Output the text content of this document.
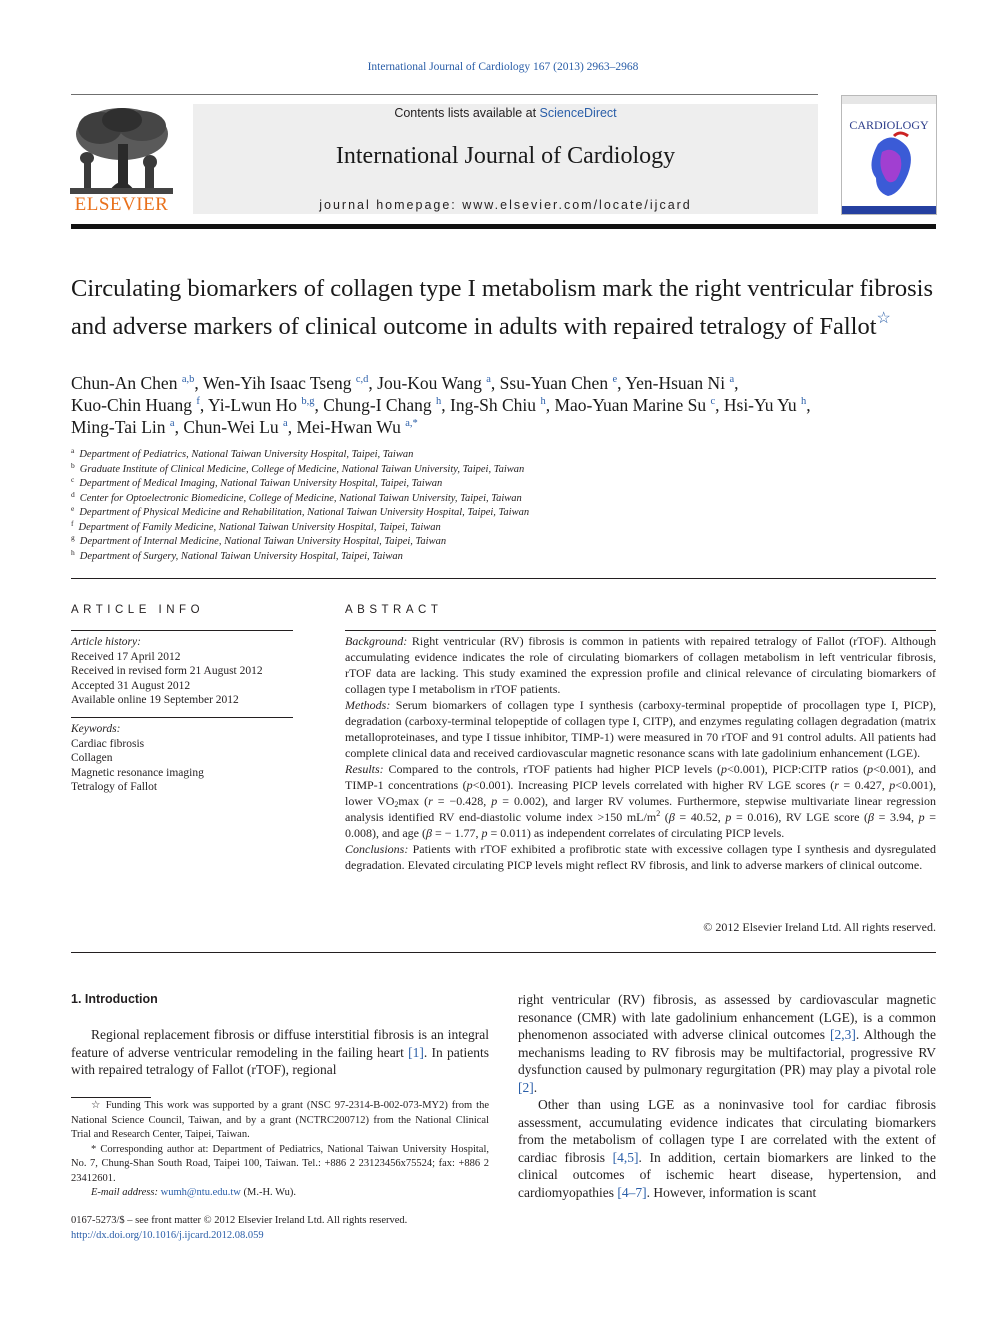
International Journal of Cardiology 167 (2013) 2963–2968
Contents lists available at ScienceDirect
International Journal of Cardiology
journal homepage: www.elsevier.com/locate/ijcard
ELSEVIER
CARDIOLOGY
Circulating biomarkers of collagen type I metabolism mark the right ventricular fibrosis and adverse markers of clinical outcome in adults with repaired tetralogy of Fallot☆
Chun-An Chen $^{a,b}$, Wen-Yih Isaac Tseng $^{c,d}$, Jou-Kou Wang $^a$, Ssu-Yuan Chen $^e$, Yen-Hsuan Ni $^a$,
Kuo-Chin Huang $^f$, Yi-Lwun Ho $^{b,g}$, Chung-I Chang $^h$, Ing-Sh Chiu $^h$, Mao-Yuan Marine Su $^c$, Hsi-Yu Yu $^h$,
Ming-Tai Lin $^a$, Chun-Wei Lu $^a$, Mei-Hwan Wu $^{a,*}$
$^a$ Department of Pediatrics, National Taiwan University Hospital, Taipei, Taiwan
$^b$ Graduate Institute of Clinical Medicine, College of Medicine, National Taiwan University, Taipei, Taiwan
$^c$ Department of Medical Imaging, National Taiwan University Hospital, Taipei, Taiwan
$^d$ Center for Optoelectronic Biomedicine, College of Medicine, National Taiwan University, Taipei, Taiwan
$^e$ Department of Physical Medicine and Rehabilitation, National Taiwan University Hospital, Taipei, Taiwan
$^f$ Department of Family Medicine, National Taiwan University Hospital, Taipei, Taiwan
$^g$ Department of Internal Medicine, National Taiwan University Hospital, Taipei, Taiwan
$^h$ Department of Surgery, National Taiwan University Hospital, Taipei, Taiwan
ARTICLE INFO
Article history:
Received 17 April 2012
Received in revised form 21 August 2012
Accepted 31 August 2012
Available online 19 September 2012
Keywords:
Cardiac fibrosis
Collagen
Magnetic resonance imaging
Tetralogy of Fallot
ABSTRACT

Background: Right ventricular (RV) fibrosis is common in patients with repaired tetralogy of Fallot (rTOF). Although accumulating evidence indicates the role of circulating biomarkers of collagen metabolism in left ventricular fibrosis, rTOF data are lacking. This study examined the expression profile and clinical relevance of circulating biomarkers of collagen type I metabolism in rTOF patients.

Methods: Serum biomarkers of collagen type I synthesis (carboxy-terminal propeptide of procollagen type I, PICP), degradation (carboxy-terminal telopeptide of collagen type I, CITP), and enzymes regulating collagen degradation (matrix metalloproteinases, and type I tissue inhibitor, TIMP-1) were measured in 70 rTOF and 91 control adults. All patients had complete clinical data and received cardiovascular magnetic resonance scans with late gadolinium enhancement (LGE).

Results: Compared to the controls, rTOF patients had higher PICP levels (p<0.001), PICP:CITP ratios (p<0.001), and TIMP-1 concentrations (p<0.001). Increasing PICP levels correlated with higher RV LGE scores (r = 0.427, p<0.001), lower $VO_2\max$ (r = −0.428, p = 0.002), and larger RV volumes. Furthermore, stepwise multivariate linear regression analysis identified RV end-diastolic volume index >150 $mL/m^2$ (β = 40.52, p = 0.016), RV LGE score (β = 3.94, p = 0.008), and age (β = − 1.77, p = 0.011) as independent correlates of circulating PICP levels.

Conclusions: Patients with rTOF exhibited a profibrotic state with excessive collagen type I synthesis and dysregulated degradation. Elevated circulating PICP levels might reflect RV fibrosis, and link to adverse markers of clinical outcome.

© 2012 Elsevier Ireland Ltd. All rights reserved.
1. Introduction

Regional replacement fibrosis or diffuse interstitial fibrosis is an integral feature of adverse ventricular remodeling in the failing heart [1]. In patients with repaired tetralogy of Fallot (rTOF), regional

right ventricular (RV) fibrosis, as assessed by cardiovascular magnetic resonance (CMR) with late gadolinium enhancement (LGE), is a common phenomenon associated with adverse clinical outcomes [2,3]. Although the mechanisms leading to RV fibrosis may be multifactorial, progressive RV dysfunction caused by pulmonary regurgitation (PR) may play a pivotal role [2].

Other than using LGE as a noninvasive tool for cardiac fibrosis assessment, accumulating evidence indicates that circulating biomarkers from the metabolism of collagen type I are correlated with the extent of cardiac fibrosis [4,5]. In addition, certain biomarkers are linked to the clinical outcomes of ischemic heart disease, hypertension, and cardiomyopathies [4–7]. However, information is scant

☆ Funding This work was supported by a grant (NSC 97-2314-B-002-073-MY2) from the National Science Council, Taiwan, and by a grant (NCTRC200712) from the National Clinical Trial and Research Center, Taipei, Taiwan.

* Corresponding author at: Department of Pediatrics, National Taiwan University Hospital, No. 7, Chung-Shan South Road, Taipei 100, Taiwan. Tel.: +886 2 23123456x75524; fax: +886 2 23412601.

E-mail address: wumh@ntu.edu.tw (M.-H. Wu).

0167-5273/$ – see front matter © 2012 Elsevier Ireland Ltd. All rights reserved.
http://dx.doi.org/10.1016/j.ijcard.2012.08.059
